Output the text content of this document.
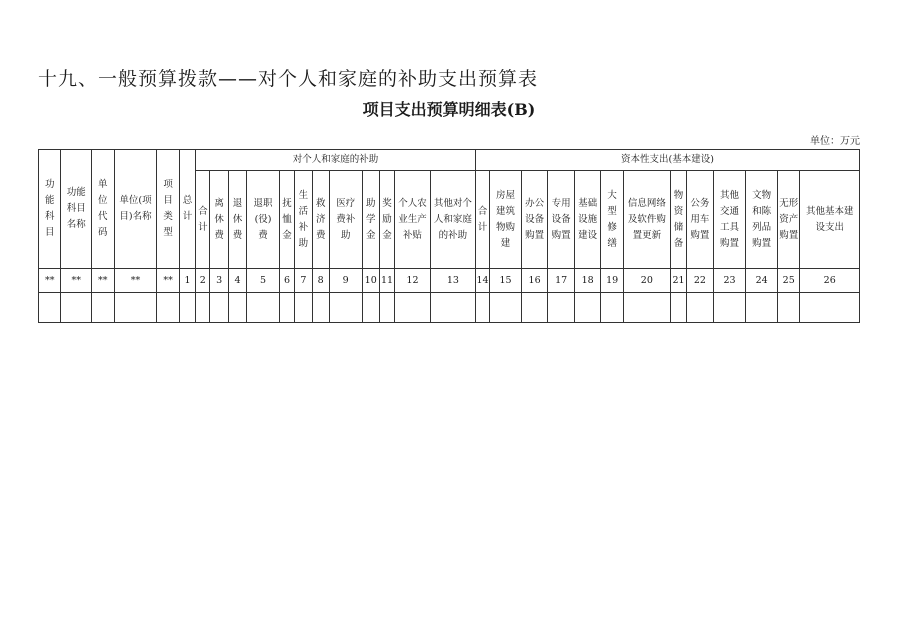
十九、一般预算拨款——对个人和家庭的补助支出预算表
项目支出预算明细表(B)
单位：万元
功能科目	功能科目名称	单位代码	单位(项目)名称	项目类型	总计	对个人和家庭的补助												资本性支出(基本建设)												
						合计	离休费	退休费	退职(役)费	抚恤金	生活补助	救济费	医疗费补助	助学金	奖励金	个人农业生产补贴	其他对个人和家庭的补助	合计	房屋建筑物购建	办公设备购置	专用设备购置	基础设施建设	大型修缮	信息网络及软件购置更新	物资储备	公务用车购置	其他交通工具购置	文物和陈列品购置	无形资产购置	其他基本建设支出
**	**	**	**	**	1	2	3	4	5	6	7	8	9	10	11	12	13	14	15	16	17	18	19	20	21	22	23	24	25	26
